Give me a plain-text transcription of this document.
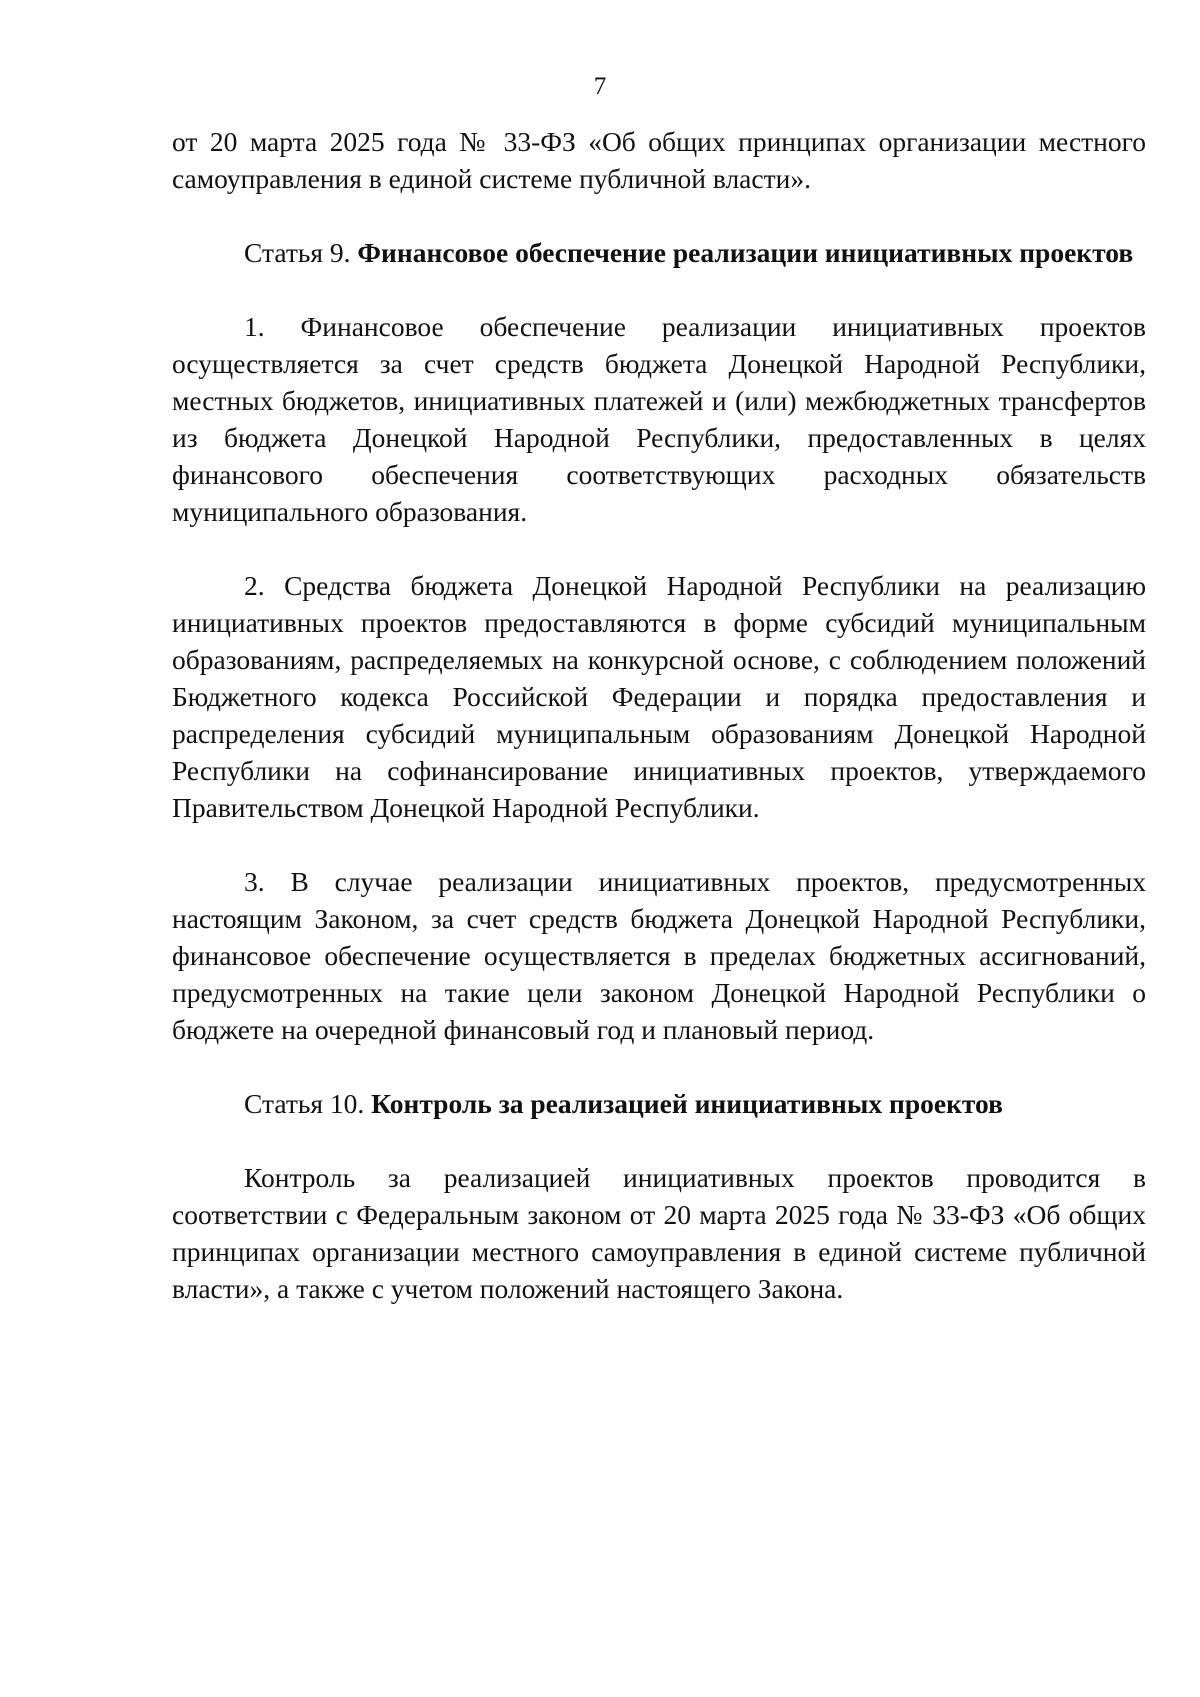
7

от 20 марта 2025 года № 33-ФЗ «Об общих принципах организации местного самоуправления в единой системе публичной власти».

Статья 9. Финансовое обеспечение реализации инициативных проектов

1. Финансовое обеспечение реализации инициативных проектов осуществляется за счет средств бюджета Донецкой Народной Республики, местных бюджетов, инициативных платежей и (или) межбюджетных трансфертов из бюджета Донецкой Народной Республики, предоставленных в целях финансового обеспечения соответствующих расходных обязательств муниципального образования.

2. Средства бюджета Донецкой Народной Республики на реализацию инициативных проектов предоставляются в форме субсидий муниципальным образованиям, распределяемых на конкурсной основе, с соблюдением положений Бюджетного кодекса Российской Федерации и порядка предоставления и распределения субсидий муниципальным образованиям Донецкой Народной Республики на софинансирование инициативных проектов, утверждаемого Правительством Донецкой Народной Республики.

3. В случае реализации инициативных проектов, предусмотренных настоящим Законом, за счет средств бюджета Донецкой Народной Республики, финансовое обеспечение осуществляется в пределах бюджетных ассигнований, предусмотренных на такие цели законом Донецкой Народной Республики о бюджете на очередной финансовый год и плановый период.

Статья 10. Контроль за реализацией инициативных проектов

Контроль за реализацией инициативных проектов проводится в соответствии с Федеральным законом от 20 марта 2025 года № 33-ФЗ «Об общих принципах организации местного самоуправления в единой системе публичной власти», а также с учетом положений настоящего Закона.
